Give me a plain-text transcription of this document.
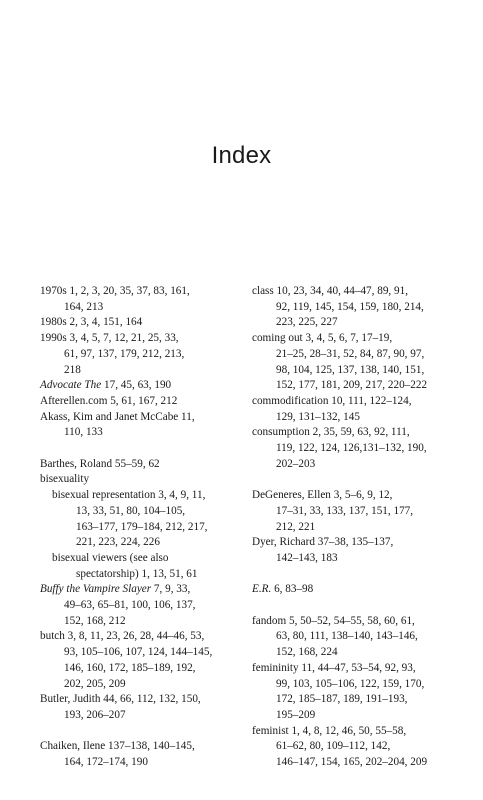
Index
1970s 1, 2, 3, 20, 35, 37, 83, 161,
164, 213
1980s 2, 3, 4, 151, 164
1990s 3, 4, 5, 7, 12, 21, 25, 33,
61, 97, 137, 179, 212, 213,
218
Advocate The 17, 45, 63, 190
Afterellen.com 5, 61, 167, 212
Akass, Kim and Janet McCabe 11,
110, 133
Barthes, Roland 55–59, 62
bisexuality
bisexual representation 3, 4, 9, 11,
13, 33, 51, 80, 104–105,
163–177, 179–184, 212, 217,
221, 223, 224, 226
bisexual viewers (see also
spectatorship) 1, 13, 51, 61
Buffy the Vampire Slayer 7, 9, 33,
49–63, 65–81, 100, 106, 137,
152, 168, 212
butch 3, 8, 11, 23, 26, 28, 44–46, 53,
93, 105–106, 107, 124, 144–145,
146, 160, 172, 185–189, 192,
202, 205, 209
Butler, Judith 44, 66, 112, 132, 150,
193, 206–207
Chaiken, Ilene 137–138, 140–145,
164, 172–174, 190
class 10, 23, 34, 40, 44–47, 89, 91,
92, 119, 145, 154, 159, 180, 214,
223, 225, 227
coming out 3, 4, 5, 6, 7, 17–19,
21–25, 28–31, 52, 84, 87, 90, 97,
98, 104, 125, 137, 138, 140, 151,
152, 177, 181, 209, 217, 220–222
commodification 10, 111, 122–124,
129, 131–132, 145
consumption 2, 35, 59, 63, 92, 111,
119, 122, 124, 126,131–132, 190,
202–203
DeGeneres, Ellen 3, 5–6, 9, 12,
17–31, 33, 133, 137, 151, 177,
212, 221
Dyer, Richard 37–38, 135–137,
142–143, 183
E.R. 6, 83–98
fandom 5, 50–52, 54–55, 58, 60, 61,
63, 80, 111, 138–140, 143–146,
152, 168, 224
femininity 11, 44–47, 53–54, 92, 93,
99, 103, 105–106, 122, 159, 170,
172, 185–187, 189, 191–193,
195–209
feminist 1, 4, 8, 12, 46, 50, 55–58,
61–62, 80, 109–112, 142,
146–147, 154, 165, 202–204, 209
